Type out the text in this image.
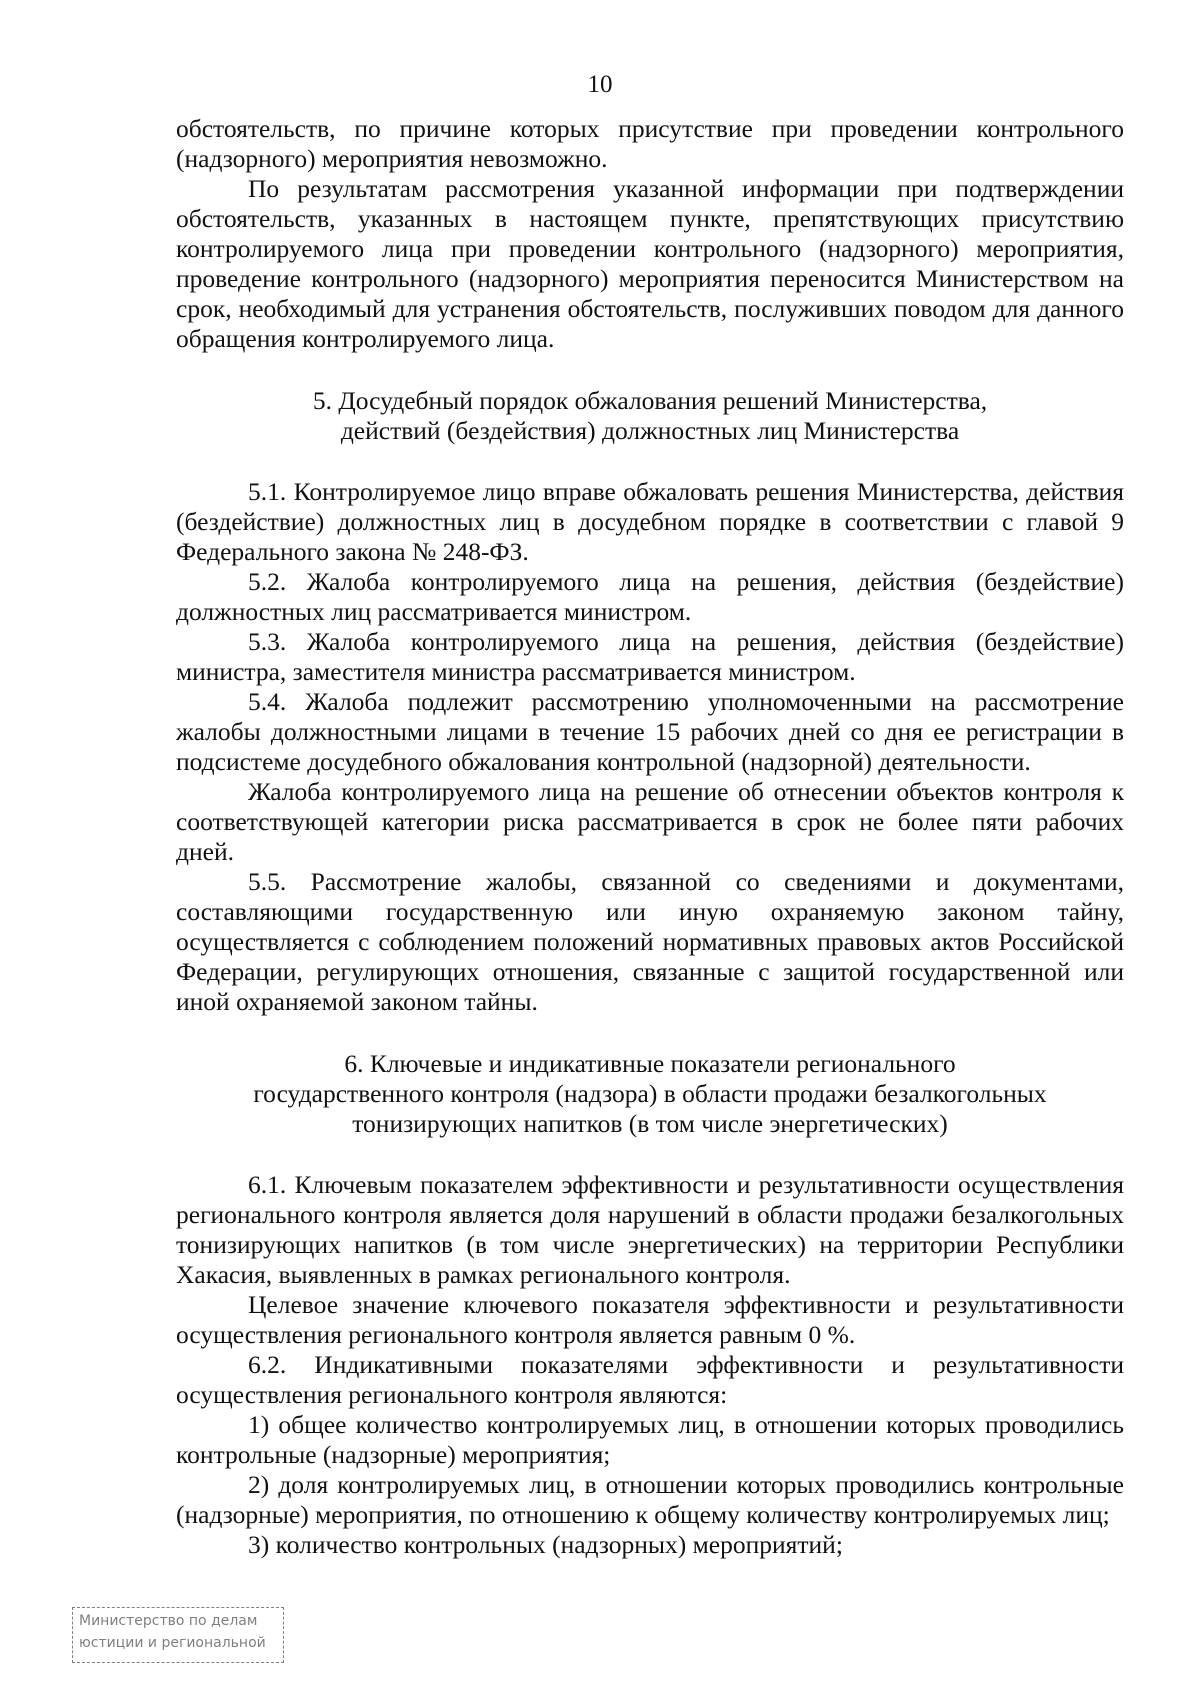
10

обстоятельств, по причине которых присутствие при проведении контрольного (надзорного) мероприятия невозможно.

По результатам рассмотрения указанной информации при подтверждении обстоятельств, указанных в настоящем пункте, препятствующих присутствию контролируемого лица при проведении контрольного (надзорного) мероприятия, проведение контрольного (надзорного) мероприятия переносится Министерством на срок, необходимый для устранения обстоятельств, послуживших поводом для данного обращения контролируемого лица.

5. Досудебный порядок обжалования решений Министерства,
действий (бездействия) должностных лиц Министерства

5.1. Контролируемое лицо вправе обжаловать решения Министерства, действия (бездействие) должностных лиц в досудебном порядке в соответствии с главой 9 Федерального закона № 248-ФЗ.

5.2. Жалоба контролируемого лица на решения, действия (бездействие) должностных лиц рассматривается министром.

5.3. Жалоба контролируемого лица на решения, действия (бездействие) министра, заместителя министра рассматривается министром.

5.4. Жалоба подлежит рассмотрению уполномоченными на рассмотрение жалобы должностными лицами в течение 15 рабочих дней со дня ее регистрации в подсистеме досудебного обжалования контрольной (надзорной) деятельности.

Жалоба контролируемого лица на решение об отнесении объектов контроля к соответствующей категории риска рассматривается в срок не более пяти рабочих дней.

5.5. Рассмотрение жалобы, связанной со сведениями и документами, составляющими государственную или иную охраняемую законом тайну, осуществляется с соблюдением положений нормативных правовых актов Российской Федерации, регулирующих отношения, связанные с защитой государственной или иной охраняемой законом тайны.

6. Ключевые и индикативные показатели регионального
государственного контроля (надзора) в области продажи безалкогольных
тонизирующих напитков (в том числе энергетических)

6.1. Ключевым показателем эффективности и результативности осуществления регионального контроля является доля нарушений в области продажи безалкогольных тонизирующих напитков (в том числе энергетических) на территории Республики Хакасия, выявленных в рамках регионального контроля.

Целевое значение ключевого показателя эффективности и результативности осуществления регионального контроля является равным 0 %.

6.2. Индикативными показателями эффективности и результативности осуществления регионального контроля являются:

1) общее количество контролируемых лиц, в отношении которых проводились контрольные (надзорные) мероприятия;

2) доля контролируемых лиц, в отношении которых проводились контрольные (надзорные) мероприятия, по отношению к общему количеству контролируемых лиц;

3) количество контрольных (надзорных) мероприятий;

Министерство по делам
юстиции и региональной
